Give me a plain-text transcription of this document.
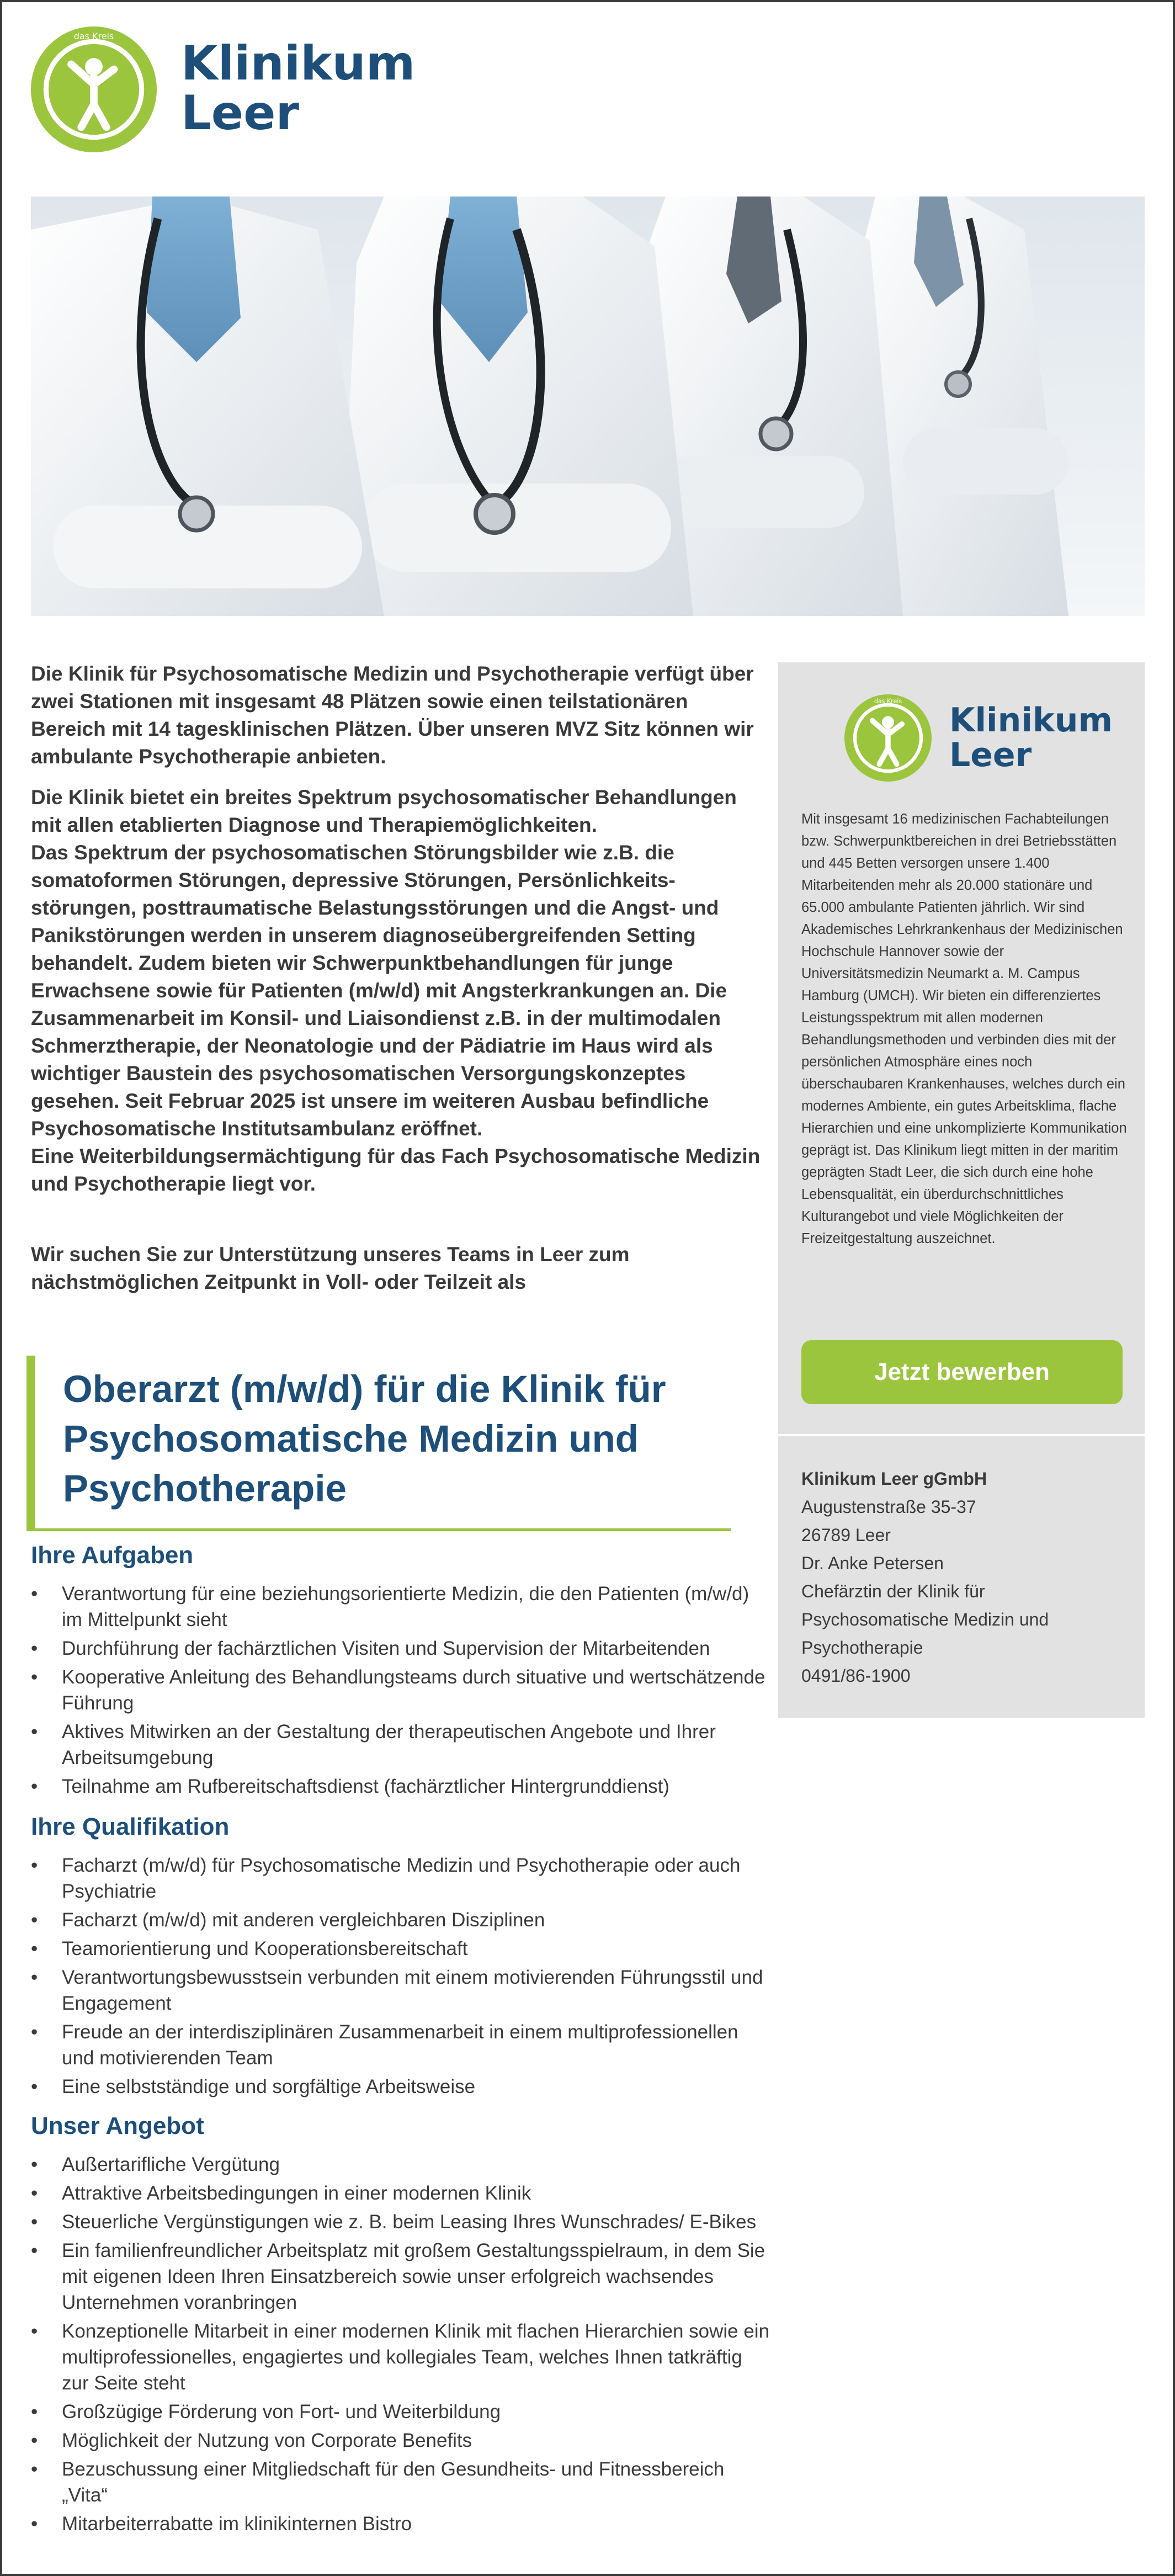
das Kreis Klinikum
Leer

Die Klinik für Psychosomatische Medizin und Psychotherapie verfügt über zwei Stationen mit insgesamt 48 Plätzen sowie einen teilstationären Bereich mit 14 tagesklinischen Plätzen. Über unseren MVZ Sitz können wir ambulante Psychotherapie anbieten.

Die Klinik bietet ein breites Spektrum psychosomatischer Behandlungen mit allen etablierten Diagnose und Therapiemöglichkeiten.
Das Spektrum der psychosomatischen Störungsbilder wie z.B. die somatoformen Störungen, depressive Störungen, Persönlichkeitsstörungen, posttraumatische Belastungsstörungen und die Angst- und Panikstörungen werden in unserem diagnoseübergreifenden Setting behandelt. Zudem bieten wir Schwerpunktbehandlungen für junge Erwachsene sowie für Patienten (m/w/d) mit Angsterkrankungen an. Die Zusammenarbeit im Konsil- und Liaisondienst z.B. in der multimodalen Schmerztherapie, der Neonatologie und der Pädiatrie im Haus wird als wichtiger Baustein des psychosomatischen Versorgungskonzeptes gesehen. Seit Februar 2025 ist unsere im weiteren Ausbau befindliche Psychosomatische Institutsambulanz eröffnet.
Eine Weiterbildungsermächtigung für das Fach Psychosomatische Medizin und Psychotherapie liegt vor.

Wir suchen Sie zur Unterstützung unseres Teams in Leer zum nächstmöglichen Zeitpunkt in Voll- oder Teilzeit als

das Kreis Klinikum
Leer

Mit insgesamt 16 medizinischen Fachabteilungen bzw. Schwerpunktbereichen in drei Betriebsstätten und 445 Betten versorgen unsere 1.400 Mitarbeitenden mehr als 20.000 stationäre und 65.000 ambulante Patienten jährlich. Wir sind Akademisches Lehrkrankenhaus der Medizinischen Hochschule Hannover sowie der Universitätsmedizin Neumarkt a. M. Campus Hamburg (UMCH). Wir bieten ein differenziertes Leistungsspektrum mit allen modernen Behandlungsmethoden und verbinden dies mit der persönlichen Atmosphäre eines noch überschaubaren Krankenhauses, welches durch ein modernes Ambiente, ein gutes Arbeitsklima, flache Hierarchien und eine unkomplizierte Kommunikation geprägt ist. Das Klinikum liegt mitten in der maritim geprägten Stadt Leer, die sich durch eine hohe Lebensqualität, ein überdurchschnittliches Kulturangebot und viele Möglichkeiten der Freizeitgestaltung auszeichnet.

Jetzt bewerben
Klinikum Leer gGmbH
Augustenstraße 35-37
26789 Leer
Dr. Anke Petersen
Chefärztin der Klinik für Psychosomatische Medizin und Psychotherapie
0491/86-1900
Oberarzt (m/w/d) für die Klinik für Psychosomatische Medizin und Psychotherapie
Ihre Aufgaben
• Verantwortung für eine beziehungsorientierte Medizin, die den Patienten (m/w/d) im Mittelpunkt sieht
• Durchführung der fachärztlichen Visiten und Supervision der Mitarbeitenden
• Kooperative Anleitung des Behandlungsteams durch situative und wertschätzende Führung
• Aktives Mitwirken an der Gestaltung der therapeutischen Angebote und Ihrer Arbeitsumgebung
• Teilnahme am Rufbereitschaftsdienst (fachärztlicher Hintergrunddienst)
Ihre Qualifikation
• Facharzt (m/w/d) für Psychosomatische Medizin und Psychotherapie oder auch Psychiatrie
• Facharzt (m/w/d) mit anderen vergleichbaren Disziplinen
• Teamorientierung und Kooperationsbereitschaft
• Verantwortungsbewusstsein verbunden mit einem motivierenden Führungsstil und Engagement
• Freude an der interdisziplinären Zusammenarbeit in einem multiprofessionellen und motivierenden Team
• Eine selbstständige und sorgfältige Arbeitsweise
Unser Angebot
• Außertarifliche Vergütung
• Attraktive Arbeitsbedingungen in einer modernen Klinik
• Steuerliche Vergünstigungen wie z. B. beim Leasing Ihres Wunschrades/ E-Bikes
• Ein familienfreundlicher Arbeitsplatz mit großem Gestaltungsspielraum, in dem Sie mit eigenen Ideen Ihren Einsatzbereich sowie unser erfolgreich wachsendes Unternehmen voranbringen
• Konzeptionelle Mitarbeit in einer modernen Klinik mit flachen Hierarchien sowie ein multiprofessionelles, engagiertes und kollegiales Team, welches Ihnen tatkräftig zur Seite steht
• Großzügige Förderung von Fort- und Weiterbildung
• Möglichkeit der Nutzung von Corporate Benefits
• Bezuschussung einer Mitgliedschaft für den Gesundheits- und Fitnessbereich „Vita“
• Mitarbeiterrabatte im klinikinternen Bistro
